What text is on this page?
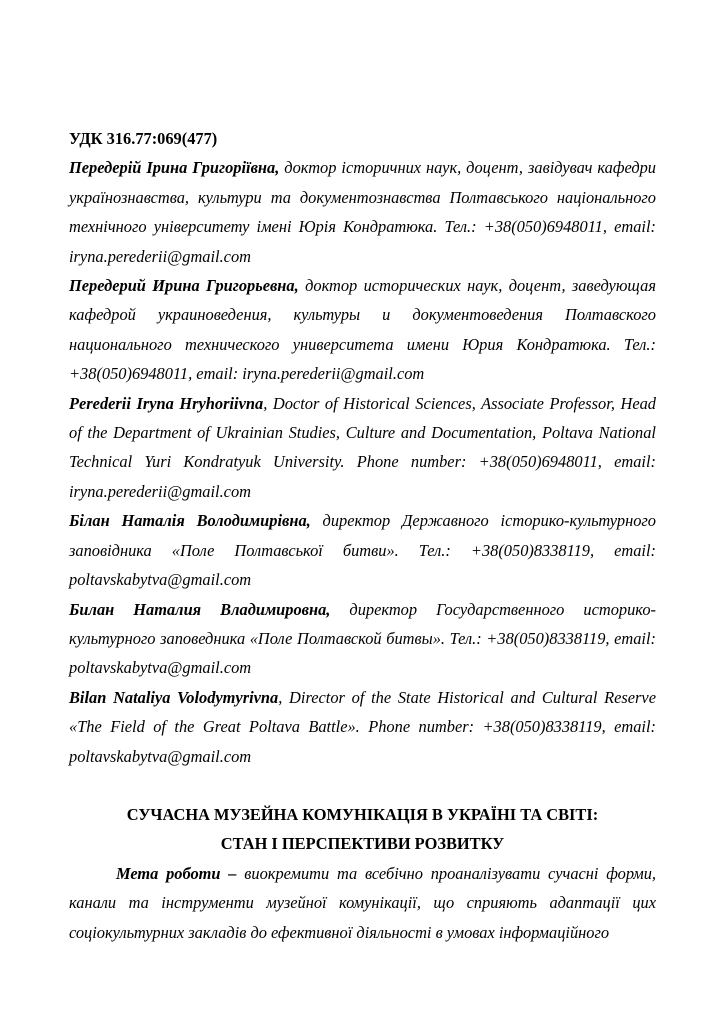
УДК 316.77:069(477)

Передерій Ірина Григоріївна, доктор історичних наук, доцент, завідувач кафедри українознавства, культури та документознавства Полтавського національного технічного університету імені Юрія Кондратюка. Тел.: +38(050)6948011, email: iryna.perederii@gmail.com

Передерий Ирина Григорьевна, доктор исторических наук, доцент, заведующая кафедрой украиноведения, культуры и документоведения Полтавского национального технического университета имени Юрия Кондратюка. Тел.: +38(050)6948011, email: iryna.perederii@gmail.com

Perederii Iryna Hryhoriivna, Doctor of Historical Sciences, Associate Professor, Head of the Department of Ukrainian Studies, Culture and Documentation, Poltava National Technical Yuri Kondratyuk University. Phone number: +38(050)6948011, email: iryna.perederii@gmail.com

Білан Наталія Володимирівна, директор Державного історико-культурного заповідника «Поле Полтавської битви». Тел.: +38(050)8338119, email: poltavskabytva@gmail.com

Билан Наталия Владимировна, директор Государственного историко-культурного заповедника «Поле Полтавской битвы». Тел.: +38(050)8338119, email: poltavskabytva@gmail.com

Bilan Nataliya Volodymyrivna, Director of the State Historical and Cultural Reserve «The Field of the Great Poltava Battle». Phone number: +38(050)8338119, email: poltavskabytva@gmail.com

СУЧАСНА МУЗЕЙНА КОМУНІКАЦІЯ В УКРАЇНІ ТА СВІТІ:

СТАН І ПЕРСПЕКТИВИ РОЗВИТКУ

Мета роботи – виокремити та всебічно проаналізувати сучасні форми, канали та інструменти музейної комунікації, що сприяють адаптації цих соціокультурних закладів до ефективної діяльності в умовах інформаційного
